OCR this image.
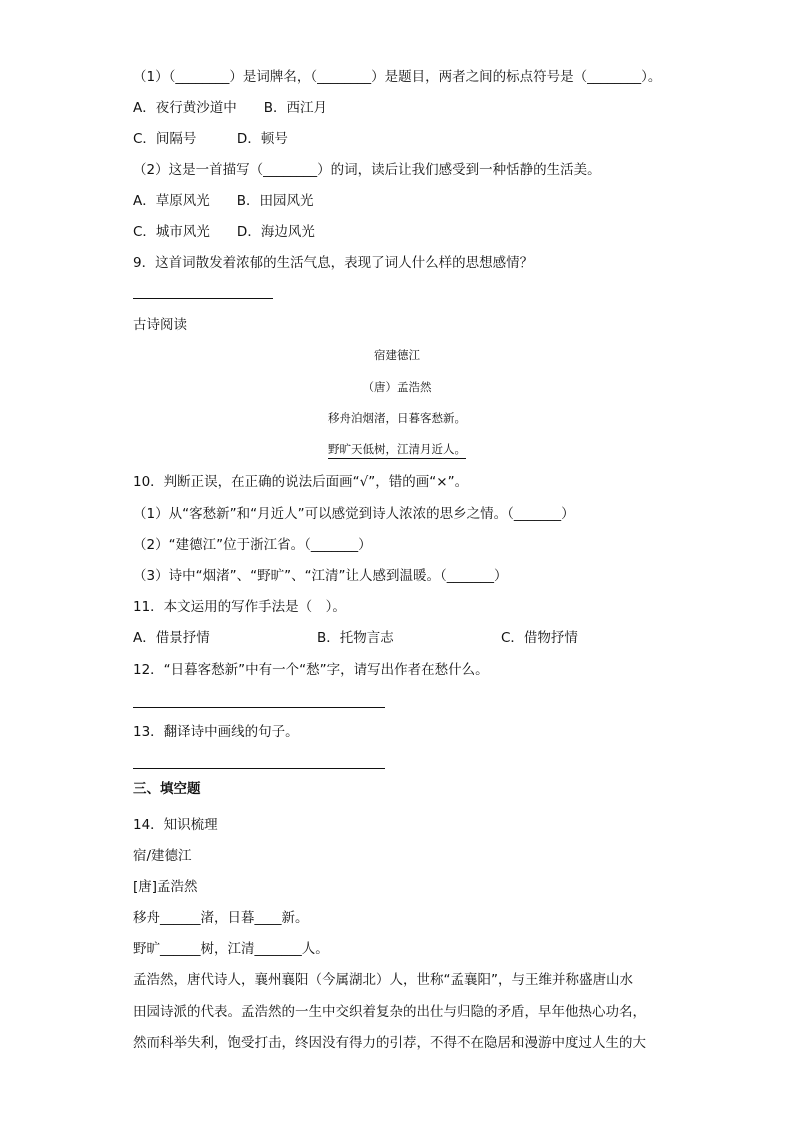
（1）（________）是词牌名，（________）是题目，两者之间的标点符号是（________）。
A．夜行黄沙道中　　B．西江月
C．间隔号　　　D．顿号
（2）这是一首描写（________）的词，读后让我们感受到一种恬静的生活美。
A．草原风光　　B．田园风光
C．城市风光　　D．海边风光
9．这首词散发着浓郁的生活气息，表现了词人什么样的思想感情？
古诗阅读
宿建德江
（唐）孟浩然
移舟泊烟渚，日暮客愁新。
野旷天低树，江清月近人。
10．判断正误，在正确的说法后面画“√”，错的画“×”。
（1）从“客愁新”和“月近人”可以感觉到诗人浓浓的思乡之情。（_______）
（2）“建德江”位于浙江省。（_______）
（3）诗中“烟渚”、“野旷”、“江清”让人感到温暖。（_______）
11．本文运用的写作手法是（　）。
A．借景抒情	B．托物言志	C．借物抒情
12．“日暮客愁新”中有一个“愁”字，请写出作者在愁什么。
13．翻译诗中画线的句子。
三、填空题
14．知识梳理
宿/建德江
[唐]孟浩然
移舟______渚，日暮____新。
野旷______树，江清_______人。
孟浩然，唐代诗人，襄州襄阳（今属湖北）人，世称“孟襄阳”，与王维并称盛唐山水
田园诗派的代表。孟浩然的一生中交织着复杂的出仕与归隐的矛盾，早年他热心功名，
然而科举失利，饱受打击，终因没有得力的引荐，不得不在隐居和漫游中度过人生的大
